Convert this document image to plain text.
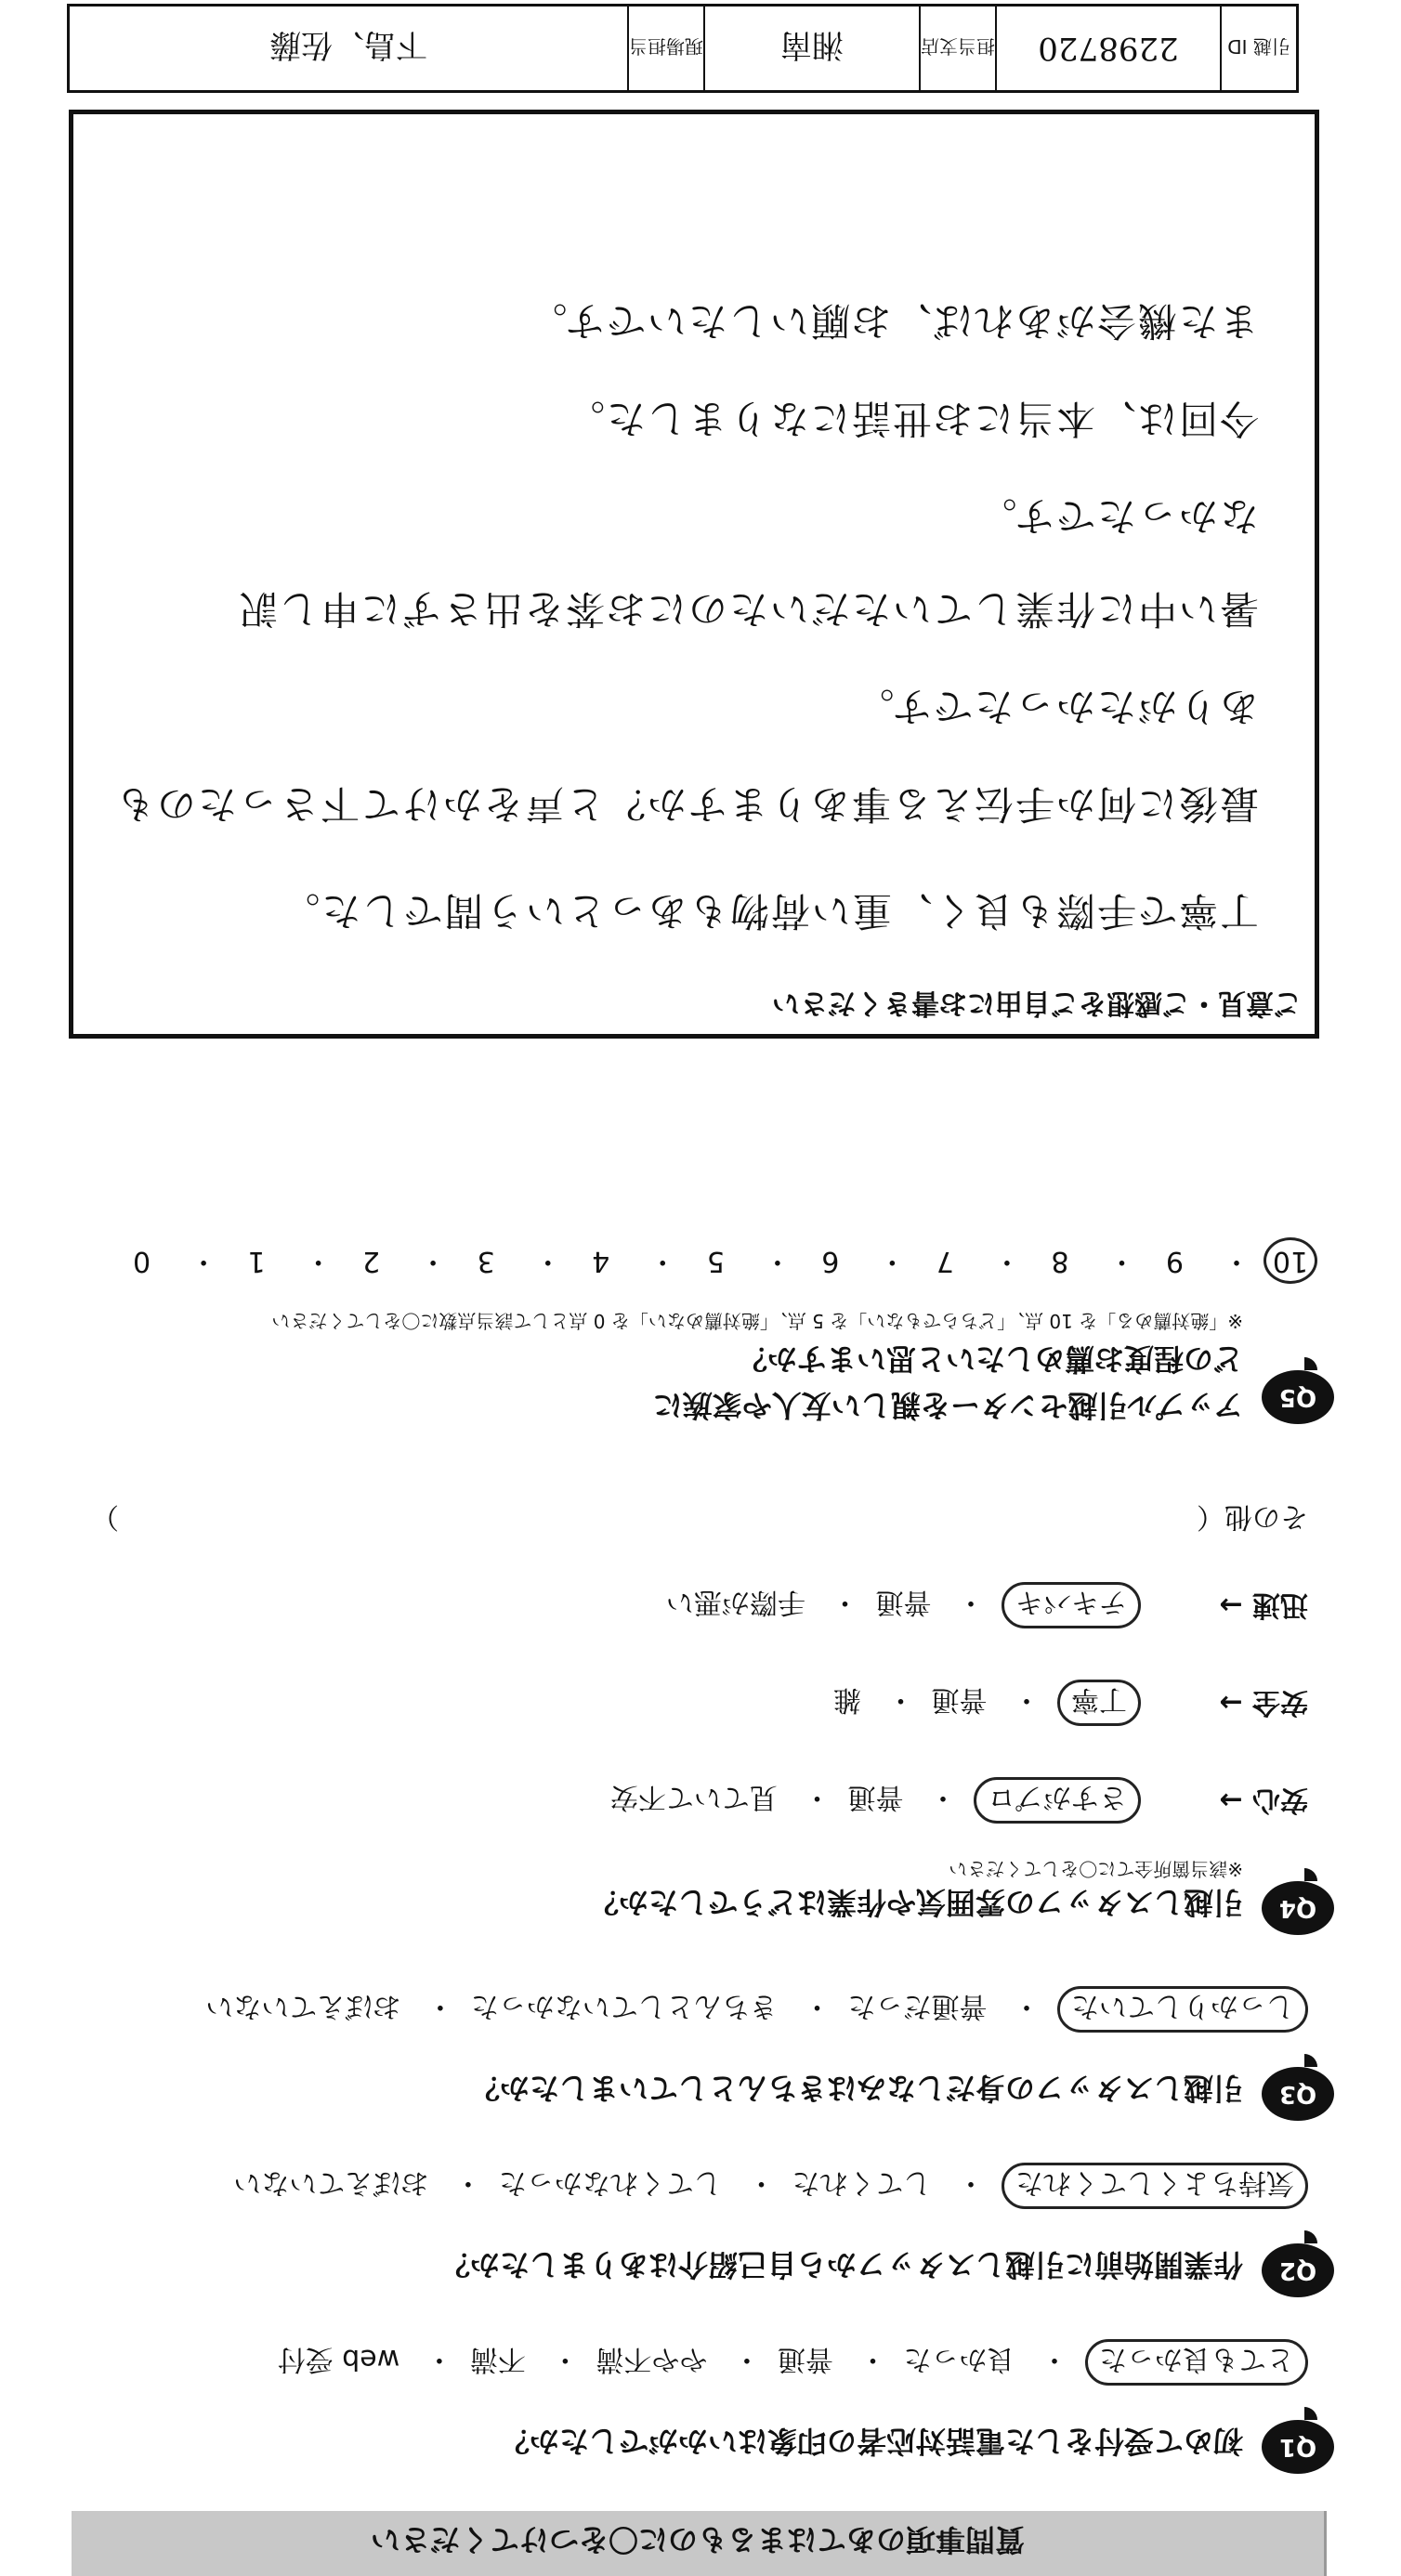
質問事項のあてはまるものに〇をつけてください
Q1
初めて受付をした電話対応者の印象はいかがでしたか？
とても良かった・ 良かった・ 普通・ やや不満・ 不満・ web 受付
Q2
作業開始前に引越しスタッフから自己紹介はありましたか？
気持ちよくしてくれた・ してくれた・ してくれなかった・ おぼえていない
Q3
引越しスタッフの身だしなみはきちんとしていましたか？
しっかりしていた・ 普通だった・ きちんとしていなかった・ おぼえていない
Q4
引越しスタッフの雰囲気や作業はどうでしたか？
※該当箇所全てに〇をしてください
安心 →
さすがプロ・ 普通・ 見ていて不安
安全 →
丁寧・ 普通・ 雑
迅速 →
テキパキ・ 普通・ 手際が悪い
その他（
）
Q5
アップル引越センターを親しい友人や家族に
どの程度お薦めしたいと思いますか？
※「絶対薦める」を 10 点、「どちらでもない」を 5 点、「絶対薦めない」を 0 点として該当点数に〇をしてください
10・ 9・ 8・ 7・ 6・ 5・ 4・ 3・ 2・ 1・ 0
ご意見・ご感想をご自由にお書きください
丁寧で手際も良く、重い荷物もあっという間でした。
最後に何か手伝える事ありますか？と声をかけて下さったのも
ありがたかったです。
暑い中に作業していただいたのにお茶を出さずに申し訳
なかったです。
今回は、本当にお世話になりました。
また機会があれば、お願いしたいです。
引越 ID
2298720
担当支店
湘南
現場担当
下島、佐藤
